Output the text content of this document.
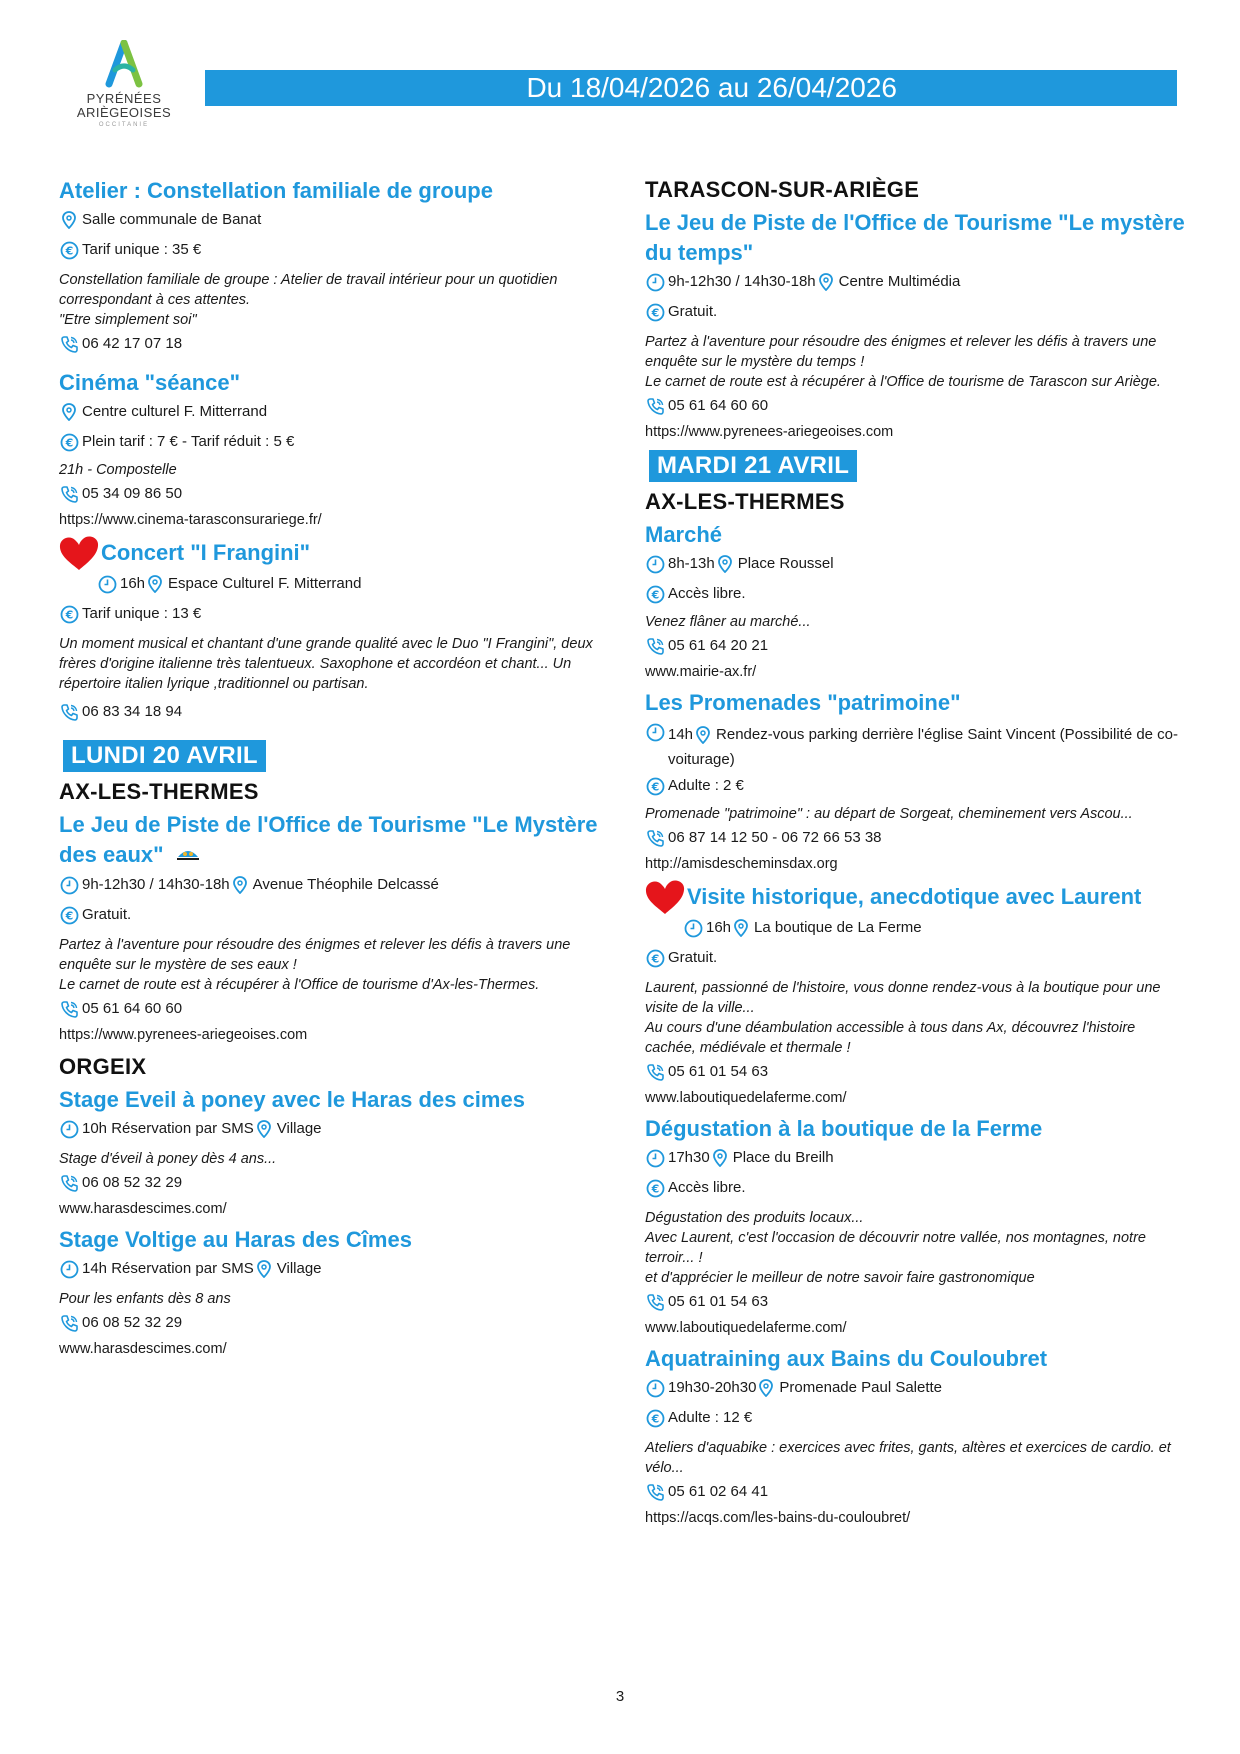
PYRÉNÉES ARIÈGEOISES
OCCITANIE
Du 18/04/2026 au 26/04/2026
Atelier : Constellation familiale de groupe
Salle communale de Banat
€ Tarif unique : 35 €
Constellation familiale de groupe : Atelier de travail intérieur pour un quotidien correspondant à ces attentes.
"Etre simplement soi"
06 42 17 07 18
Cinéma "séance"
Centre culturel F. Mitterrand
€ Plein tarif : 7 € - Tarif réduit : 5 €
21h - Compostelle
05 34 09 86 50
https://www.cinema-tarasconsurariege.fr/
Concert "I Frangini"
16h Espace Culturel F. Mitterrand
€ Tarif unique : 13 €
Un moment musical et chantant d'une grande qualité avec le Duo "I Frangini", deux frères d'origine italienne très talentueux. Saxophone et accordéon et chant... Un répertoire italien lyrique ,traditionnel ou partisan.
06 83 34 18 94
LUNDI 20 AVRIL
AX-LES-THERMES
Le Jeu de Piste de l'Office de Tourisme "Le Mystère des eaux"
9h-12h30 / 14h30-18h Avenue Théophile Delcassé
€ Gratuit.
Partez à l'aventure pour résoudre des énigmes et relever les défis à travers une enquête sur le mystère de ses eaux !
Le carnet de route est à récupérer à l'Office de tourisme d'Ax-les-Thermes.
05 61 64 60 60
https://www.pyrenees-ariegeoises.com
ORGEIX
Stage Eveil à poney avec le Haras des cimes
10h Réservation par SMS Village
Stage d'éveil à poney dès 4 ans...
06 08 52 32 29
www.harasdescimes.com/
Stage Voltige au Haras des Cîmes
14h Réservation par SMS Village
Pour les enfants dès 8 ans
06 08 52 32 29
www.harasdescimes.com/
TARASCON-SUR-ARIÈGE
Le Jeu de Piste de l'Office de Tourisme "Le mystère du temps"
9h-12h30 / 14h30-18h Centre Multimédia
€ Gratuit.
Partez à l'aventure pour résoudre des énigmes et relever les défis à travers une enquête sur le mystère du temps !
Le carnet de route est à récupérer à l'Office de tourisme de Tarascon sur Ariège.
05 61 64 60 60
https://www.pyrenees-ariegeoises.com
MARDI 21 AVRIL
AX-LES-THERMES
Marché
8h-13h Place Roussel
€ Accès libre.
Venez flâner au marché...
05 61 64 20 21
www.mairie-ax.fr/
Les Promenades "patrimoine"
14h Rendez-vous parking derrière l'église Saint Vincent (Possibilité de co-voiturage)
€ Adulte : 2 €
Promenade "patrimoine" : au départ de Sorgeat, cheminement vers Ascou...
06 87 14 12 50 - 06 72 66 53 38
http://amisdescheminsdax.org
Visite historique, anecdotique avec Laurent
16h La boutique de La Ferme
€ Gratuit.
Laurent, passionné de l'histoire, vous donne rendez-vous à la boutique pour une visite de la ville...
Au cours d'une déambulation accessible à tous dans Ax, découvrez l'histoire cachée, médiévale et thermale !
05 61 01 54 63
www.laboutiquedelaferme.com/
Dégustation à la boutique de la Ferme
17h30 Place du Breilh
€ Accès libre.
Dégustation des produits locaux...
Avec Laurent, c'est l'occasion de découvrir notre vallée, nos montagnes, notre terroir... !
et d'apprécier le meilleur de notre savoir faire gastronomique
05 61 01 54 63
www.laboutiquedelaferme.com/
Aquatraining aux Bains du Couloubret
19h30-20h30 Promenade Paul Salette
€ Adulte : 12 €
Ateliers d'aquabike : exercices avec frites, gants, altères et exercices de cardio. et vélo...
05 61 02 64 41
https://acqs.com/les-bains-du-couloubret/
3
